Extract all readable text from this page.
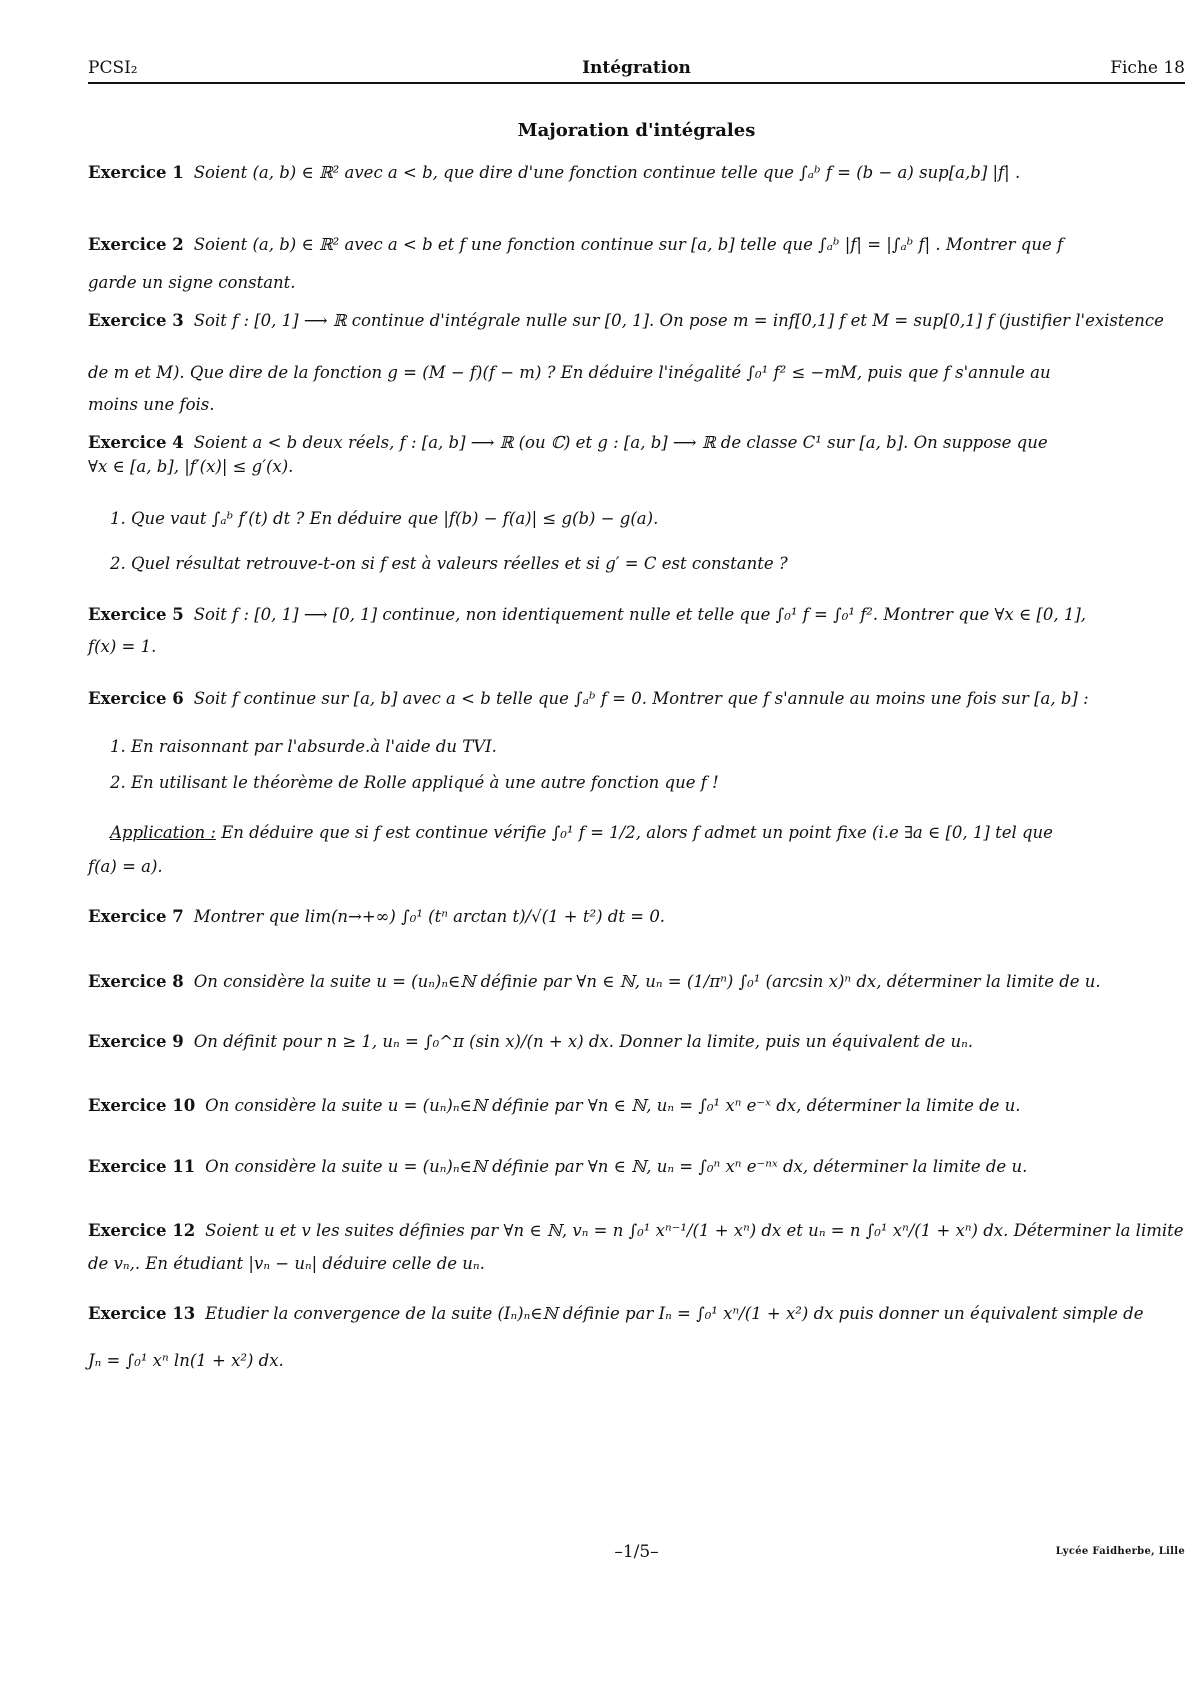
PCSI₂	Intégration	Fiche 18
Majoration d'intégrales
Exercice 1 Soient (a, b) ∈ ℝ² avec a < b, que dire d'une fonction continue telle que ∫ₐᵇ f = (b − a) sup[a,b] |f| .
Exercice 2 Soient (a, b) ∈ ℝ² avec a < b et f une fonction continue sur [a, b] telle que ∫ₐᵇ |f| = |∫ₐᵇ f| . Montrer que f
garde un signe constant.
Exercice 3 Soit f : [0, 1] ⟶ ℝ continue d'intégrale nulle sur [0, 1]. On pose m = inf[0,1] f et M = sup[0,1] f (justifier l'existence
de m et M). Que dire de la fonction g = (M − f)(f − m) ? En déduire l'inégalité ∫₀¹ f² ≤ −mM, puis que f s'annule au
moins une fois.
Exercice 4 Soient a < b deux réels, f : [a, b] ⟶ ℝ (ou ℂ) et g : [a, b] ⟶ ℝ de classe C¹ sur [a, b]. On suppose que
∀x ∈ [a, b], |f′(x)| ≤ g′(x).
1. Que vaut ∫ₐᵇ f′(t) dt ? En déduire que |f(b) − f(a)| ≤ g(b) − g(a).
2. Quel résultat retrouve-t-on si f est à valeurs réelles et si g′ = C est constante ?
Exercice 5 Soit f : [0, 1] ⟶ [0, 1] continue, non identiquement nulle et telle que ∫₀¹ f = ∫₀¹ f². Montrer que ∀x ∈ [0, 1],
f(x) = 1.
Exercice 6 Soit f continue sur [a, b] avec a < b telle que ∫ₐᵇ f = 0. Montrer que f s'annule au moins une fois sur [a, b] :
1. En raisonnant par l'absurde.à l'aide du TVI.
2. En utilisant le théorème de Rolle appliqué à une autre fonction que f !
Application : En déduire que si f est continue vérifie ∫₀¹ f = 1/2, alors f admet un point fixe (i.e ∃a ∈ [0, 1] tel que
f(a) = a).
Exercice 7 Montrer que lim(n→+∞) ∫₀¹ (tⁿ arctan t)/√(1 + t²) dt = 0.
Exercice 8 On considère la suite u = (uₙ)ₙ∈ℕ définie par ∀n ∈ ℕ, uₙ = (1/πⁿ) ∫₀¹ (arcsin x)ⁿ dx, déterminer la limite de u.
Exercice 9 On définit pour n ≥ 1, uₙ = ∫₀^π (sin x)/(n + x) dx. Donner la limite, puis un équivalent de uₙ.
Exercice 10 On considère la suite u = (uₙ)ₙ∈ℕ définie par ∀n ∈ ℕ, uₙ = ∫₀¹ xⁿ e⁻ˣ dx, déterminer la limite de u.
Exercice 11 On considère la suite u = (uₙ)ₙ∈ℕ définie par ∀n ∈ ℕ, uₙ = ∫₀ⁿ xⁿ e⁻ⁿˣ dx, déterminer la limite de u.
Exercice 12 Soient u et v les suites définies par ∀n ∈ ℕ, vₙ = n ∫₀¹ xⁿ⁻¹/(1 + xⁿ) dx et uₙ = n ∫₀¹ xⁿ/(1 + xⁿ) dx. Déterminer la limite
de vₙ,. En étudiant |vₙ − uₙ| déduire celle de uₙ.
Exercice 13 Etudier la convergence de la suite (Iₙ)ₙ∈ℕ définie par Iₙ = ∫₀¹ xⁿ/(1 + x²) dx puis donner un équivalent simple de
Jₙ = ∫₀¹ xⁿ ln(1 + x²) dx.
–1/5–	Lycée Faidherbe, Lille
